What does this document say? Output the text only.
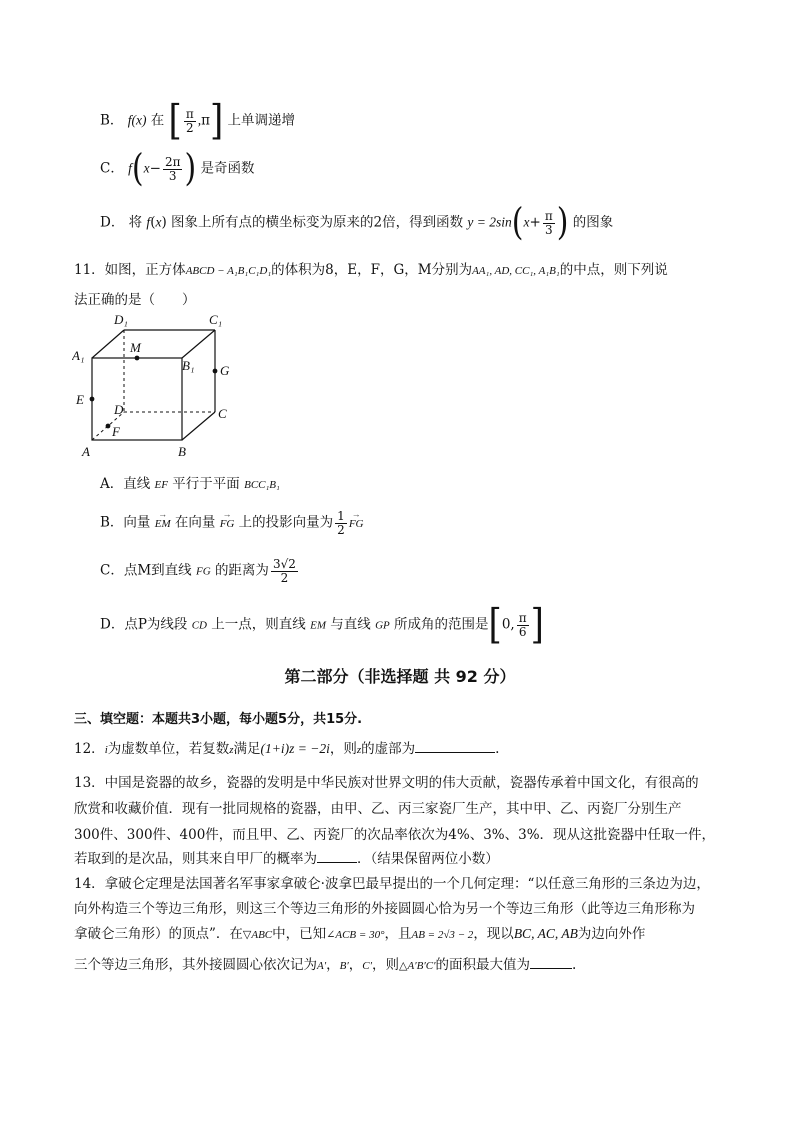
B． f(x) 在 [ $\frac{\pi}{2} ,\pi$] 上单调递增
C． $f(x- \frac{2\pi}{3}$ ) 是奇函数
D． 将 f(x) 图象上所有点的横坐标变为原来的2倍，得到函数 $y = 2\sin(x+ \frac{\pi}{3}$ ) 的图象
11．如图，正方体ABCD − A₁B₁C₁D₁的体积为8，E，F，G，M分别为AA₁, AD, CC₁, A₁B₁的中点，则下列说
法正确的是（　　）
D₁	C₁
A₁
M
B₁ G
E
D	C
F
A	B
A．直线 EF 平行于平面 BCC₁B₁
B．向量 → EM 在向量 → FG 上的投影向量为 $\frac{1}{2}$ → FG
C．点M到直线 FG 的距离为 $\frac{3√2}{2}$
D．点P为线段 CD 上一点，则直线 EM 与直线 GP 所成角的范围是[0, $\frac{\pi}{6}$ ]
第二部分（非选择题 共 92 分）
三、填空题：本题共3小题，每小题5分，共15分.
12．i为虚数单位，若复数z满足(1+i)z = −2i，则z的虚部为	.
13．中国是瓷器的故乡，瓷器的发明是中华民族对世界文明的伟大贡献，瓷器传承着中国文化，有很高的
欣赏和收藏价值．现有一批同规格的瓷器，由甲、乙、丙三家瓷厂生产，其中甲、乙、丙瓷厂分别生产
300件、300件、400件，而且甲、乙、丙瓷厂的次品率依次为4%、3%、3%．现从这批瓷器中任取一件，
若取到的是次品，则其来自甲厂的概率为	．（结果保留两位小数）
14．拿破仑定理是法国著名军事家拿破仑·波拿巴最早提出的一个几何定理：“以任意三角形的三条边为边，
向外构造三个等边三角形，则这三个等边三角形的外接圆圆心恰为另一个等边三角形（此等边三角形称为
拿破仑三角形）的顶点”．在▽ABC中，已知∠ACB = 30°，且AB = 2√3 − 2，现以BC, AC, AB为边向外作
三个等边三角形，其外接圆圆心依次记为A′，B′，C′，则△A′B′C′的面积最大值为	.
